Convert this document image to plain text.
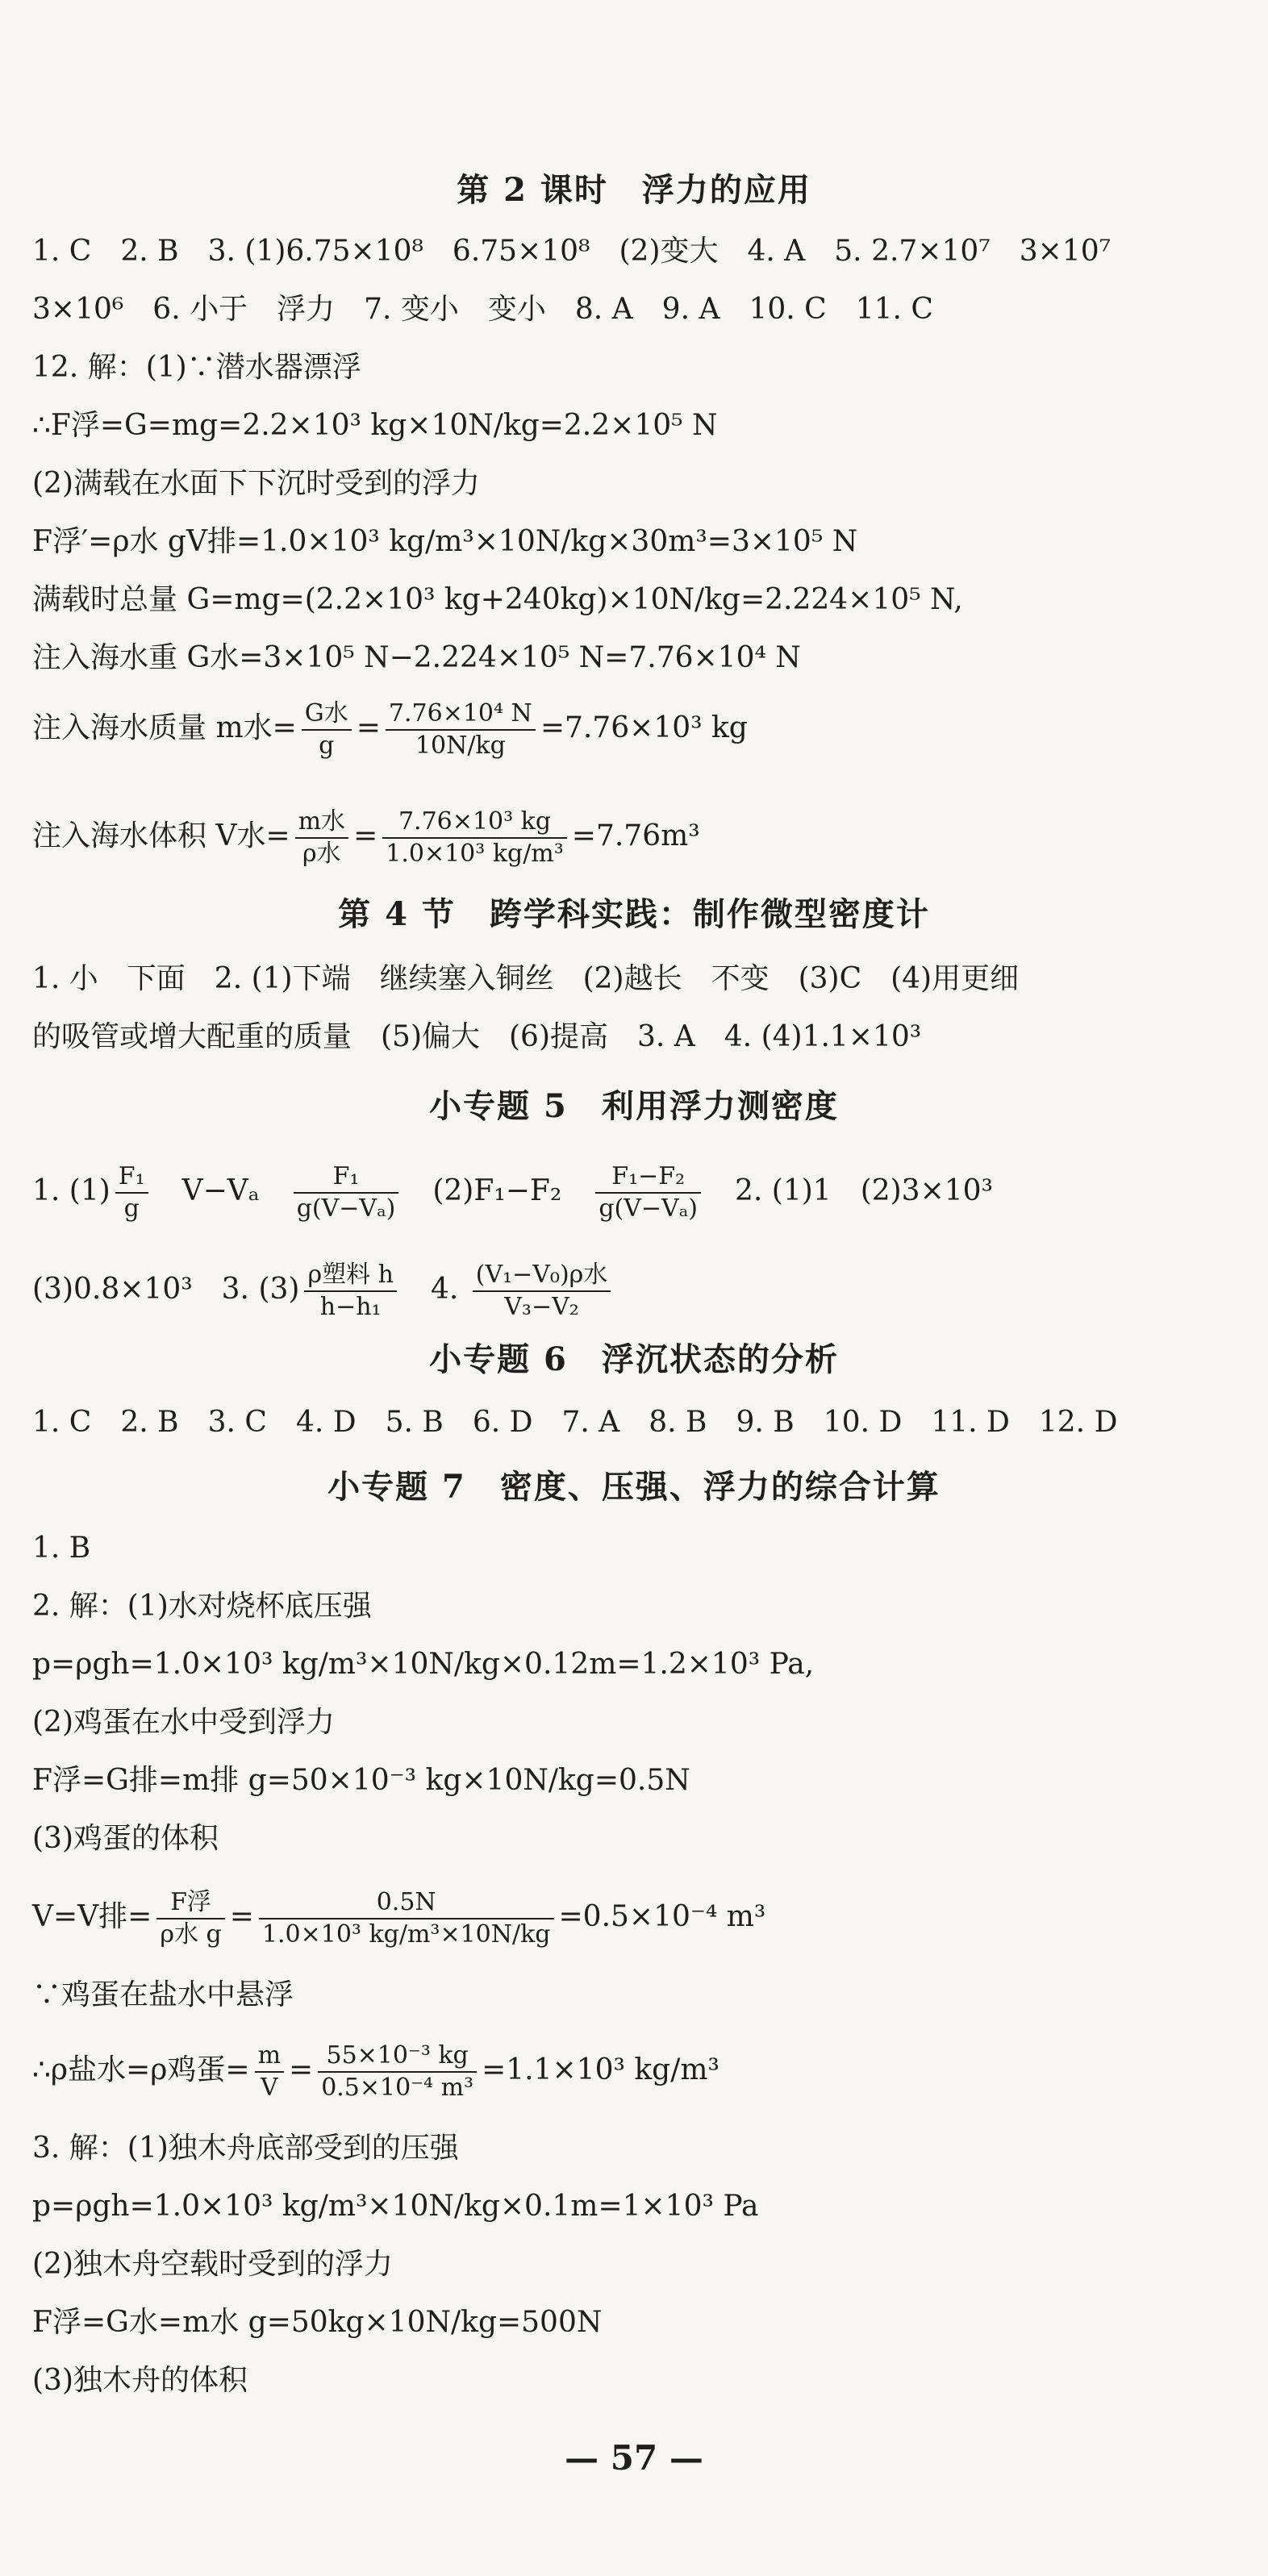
第 2 课时　浮力的应用
1. C　2. B　3. (1)6.75×10⁸　6.75×10⁸　(2)变大　4. A　5. 2.7×10⁷　3×10⁷
3×10⁶　6. 小于　浮力　7. 变小　变小　8. A　9. A　10. C　11. C
12. 解：(1)∵潜水器漂浮
∴F浮=G=mg=2.2×10³ kg×10N/kg=2.2×10⁵ N
(2)满载在水面下下沉时受到的浮力
F浮′=ρ水 gV排=1.0×10³ kg/m³×10N/kg×30m³=3×10⁵ N
满载时总量 G=mg=(2.2×10³ kg+240kg)×10N/kg=2.224×10⁵ N,
注入海水重 G水=3×10⁵ N−2.224×10⁵ N=7.76×10⁴ N
注入海水质量 m水= $\frac{\text{G水}}{g} = \frac{\text{7.76×10⁴ N}}{10N/kg} =7.76\times 10^3$ kg
注入海水体积 V水= $\frac{\text{m水}}{\text{ρ水}} = \frac{\text{7.76×10³ kg}}{\text{1.0×10³ kg/m³}} =7.76m^3$
第 4 节　跨学科实践：制作微型密度计
1. 小　下面　2. (1)下端　继续塞入铜丝　(2)越长　不变　(3)C　(4)用更细
的吸管或增大配重的质量　(5)偏大　(6)提高　3. A　4. (4)1.1×10³
小专题 5　利用浮力测密度
1. $(1) \frac{\text{F₁}}{g}$ 　V−Vₐ　 $\frac{\text{F₁}}{\text{g(V−Vₐ)}}$ 　(2)F₁−F₂　 $\frac{\text{F₁−F₂}}{\text{g(V−Vₐ)}}$ 　2. (1)1　(2)3×10³
(3)0.8×10³　3. $(3) \frac{\text{ρ塑料 h}}{\text{h−h₁}}$ 　4. $\frac{\text{(V₁−V₀)ρ水}}{\text{V₃−V₂}}$
小专题 6　浮沉状态的分析
1. C　2. B　3. C　4. D　5. B　6. D　7. A　8. B　9. B　10. D　11. D　12. D
小专题 7　密度、压强、浮力的综合计算
1. B
2. 解：(1)水对烧杯底压强
p=ρgh=1.0×10³ kg/m³×10N/kg×0.12m=1.2×10³ Pa,
(2)鸡蛋在水中受到浮力
F浮=G排=m排 g=50×10⁻³ kg×10N/kg=0.5N
(3)鸡蛋的体积
V=V排= $\frac{\text{F浮}}{\text{ρ水 g}} = \frac{0.5N}{\text{1.0×10³ kg/m³×10N/kg}} =0.5\times 10^{-4}$ m³
∵鸡蛋在盐水中悬浮
∴ρ盐水=ρ鸡蛋= $\frac{m}{V} = \frac{\text{55×10⁻³ kg}}{\text{0.5×10⁻⁴ m³}} =1.1\times 10^3$ kg/m³
3. 解：(1)独木舟底部受到的压强
p=ρgh=1.0×10³ kg/m³×10N/kg×0.1m=1×10³ Pa
(2)独木舟空载时受到的浮力
F浮=G水=m水 g=50kg×10N/kg=500N
(3)独木舟的体积
— 57 —
